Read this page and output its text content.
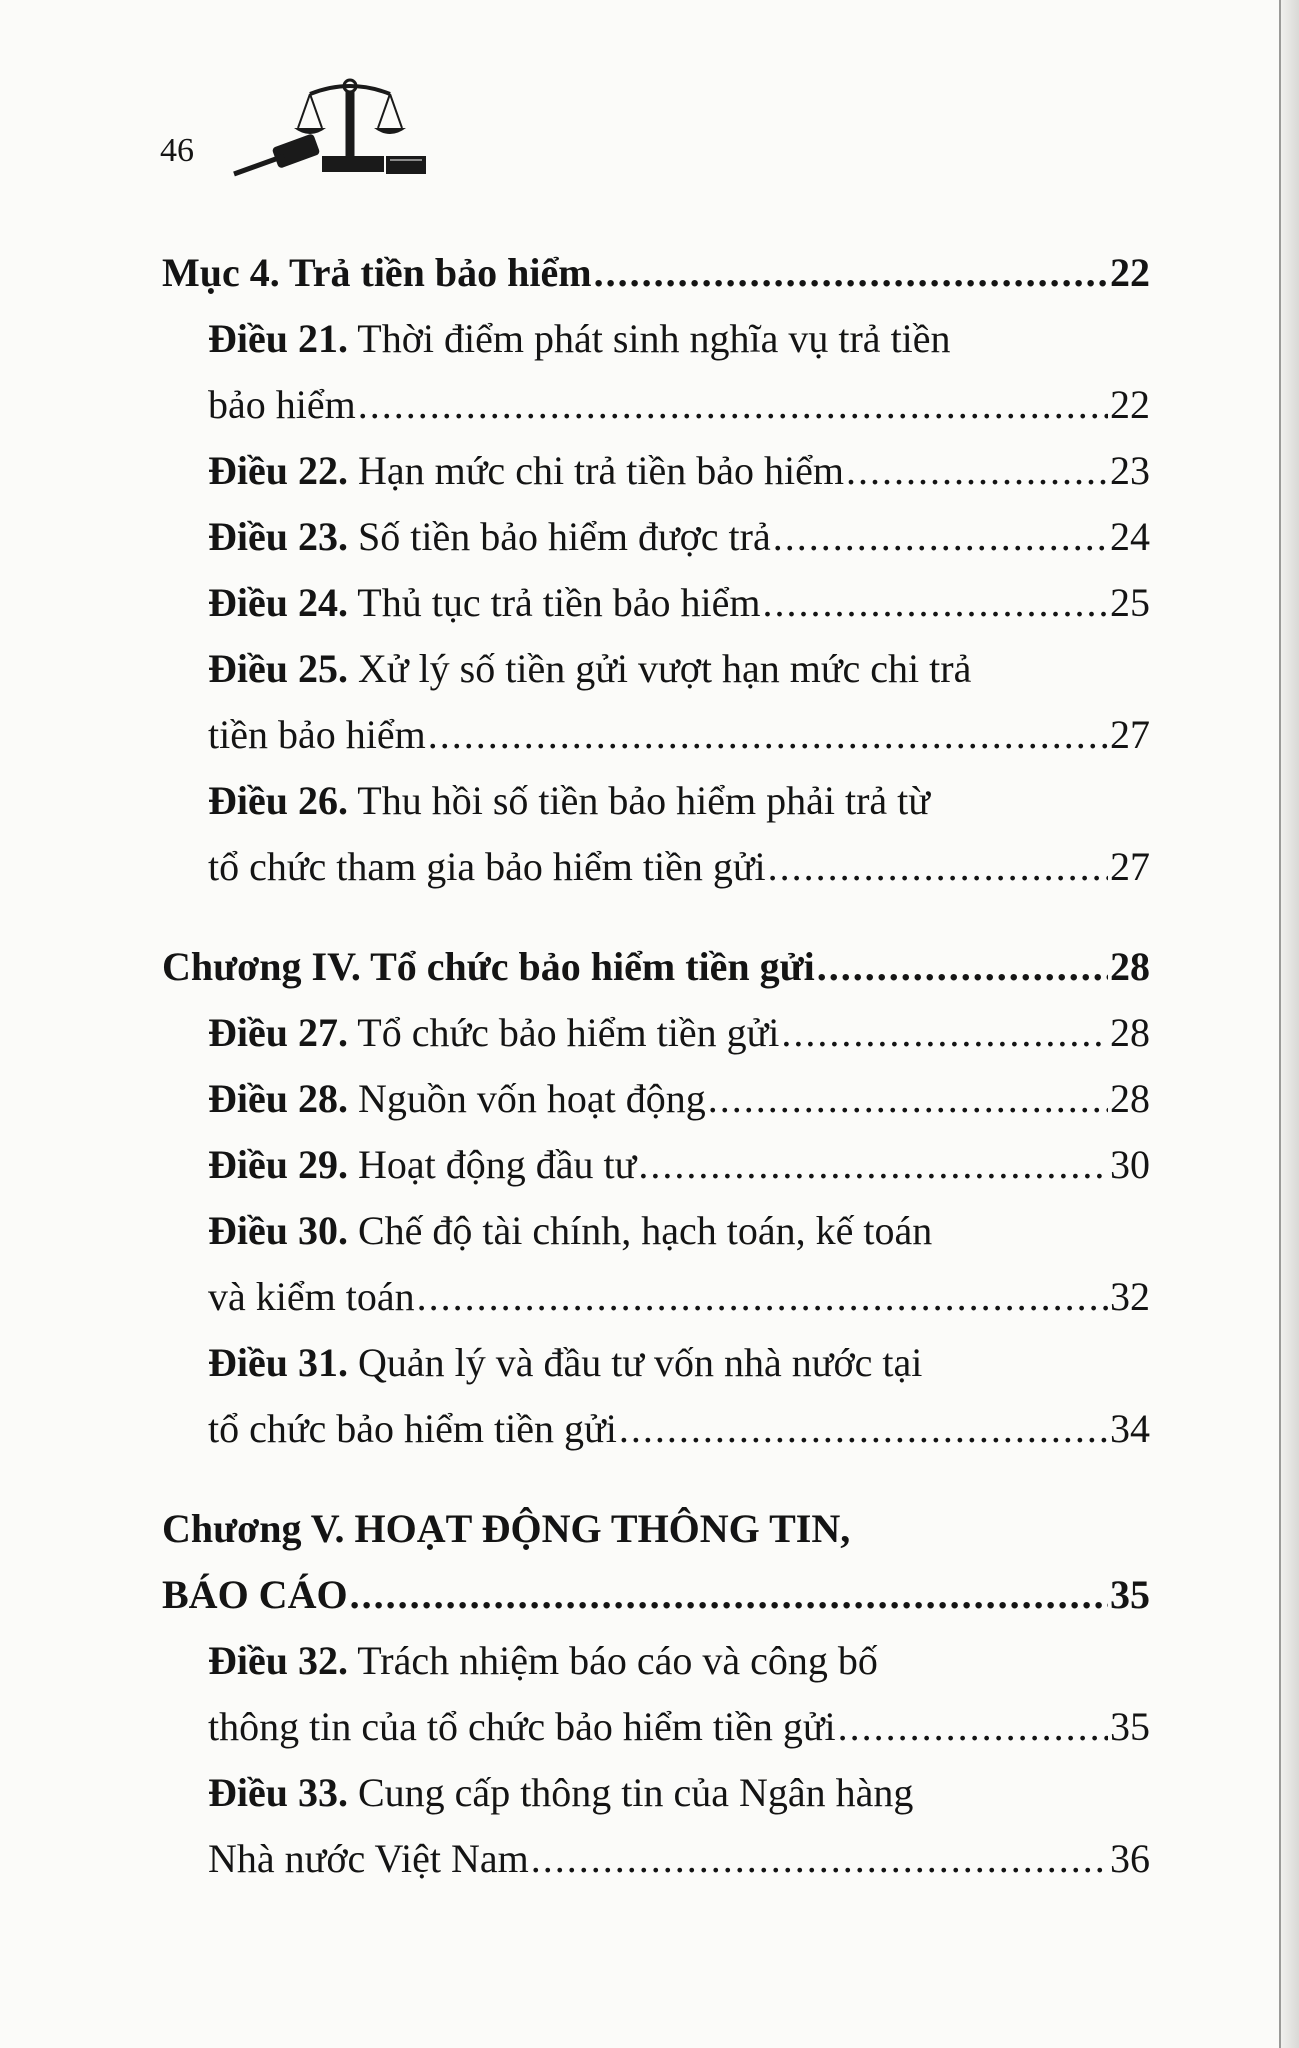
46
Mục 4. Trả tiền bảo hiểm .....	22
Điều 21. Thời điểm phát sinh nghĩa vụ trả tiền
bảo hiểm .....	22
Điều 22. Hạn mức chi trả tiền bảo hiểm .....	23
Điều 23. Số tiền bảo hiểm được trả .....	24
Điều 24. Thủ tục trả tiền bảo hiểm .....	25
Điều 25. Xử lý số tiền gửi vượt hạn mức chi trả
tiền bảo hiểm .....	27
Điều 26. Thu hồi số tiền bảo hiểm phải trả từ
tổ chức tham gia bảo hiểm tiền gửi .....	27
Chương IV. Tổ chức bảo hiểm tiền gửi .....	28
Điều 27. Tổ chức bảo hiểm tiền gửi .....	28
Điều 28. Nguồn vốn hoạt động .....	28
Điều 29. Hoạt động đầu tư .....	30
Điều 30. Chế độ tài chính, hạch toán, kế toán
và kiểm toán .....	32
Điều 31. Quản lý và đầu tư vốn nhà nước tại
tổ chức bảo hiểm tiền gửi .....	34
Chương V. HOẠT ĐỘNG THÔNG TIN,
BÁO CÁO .....	35
Điều 32. Trách nhiệm báo cáo và công bố
thông tin của tổ chức bảo hiểm tiền gửi .....	35
Điều 33. Cung cấp thông tin của Ngân hàng
Nhà nước Việt Nam .....	36
